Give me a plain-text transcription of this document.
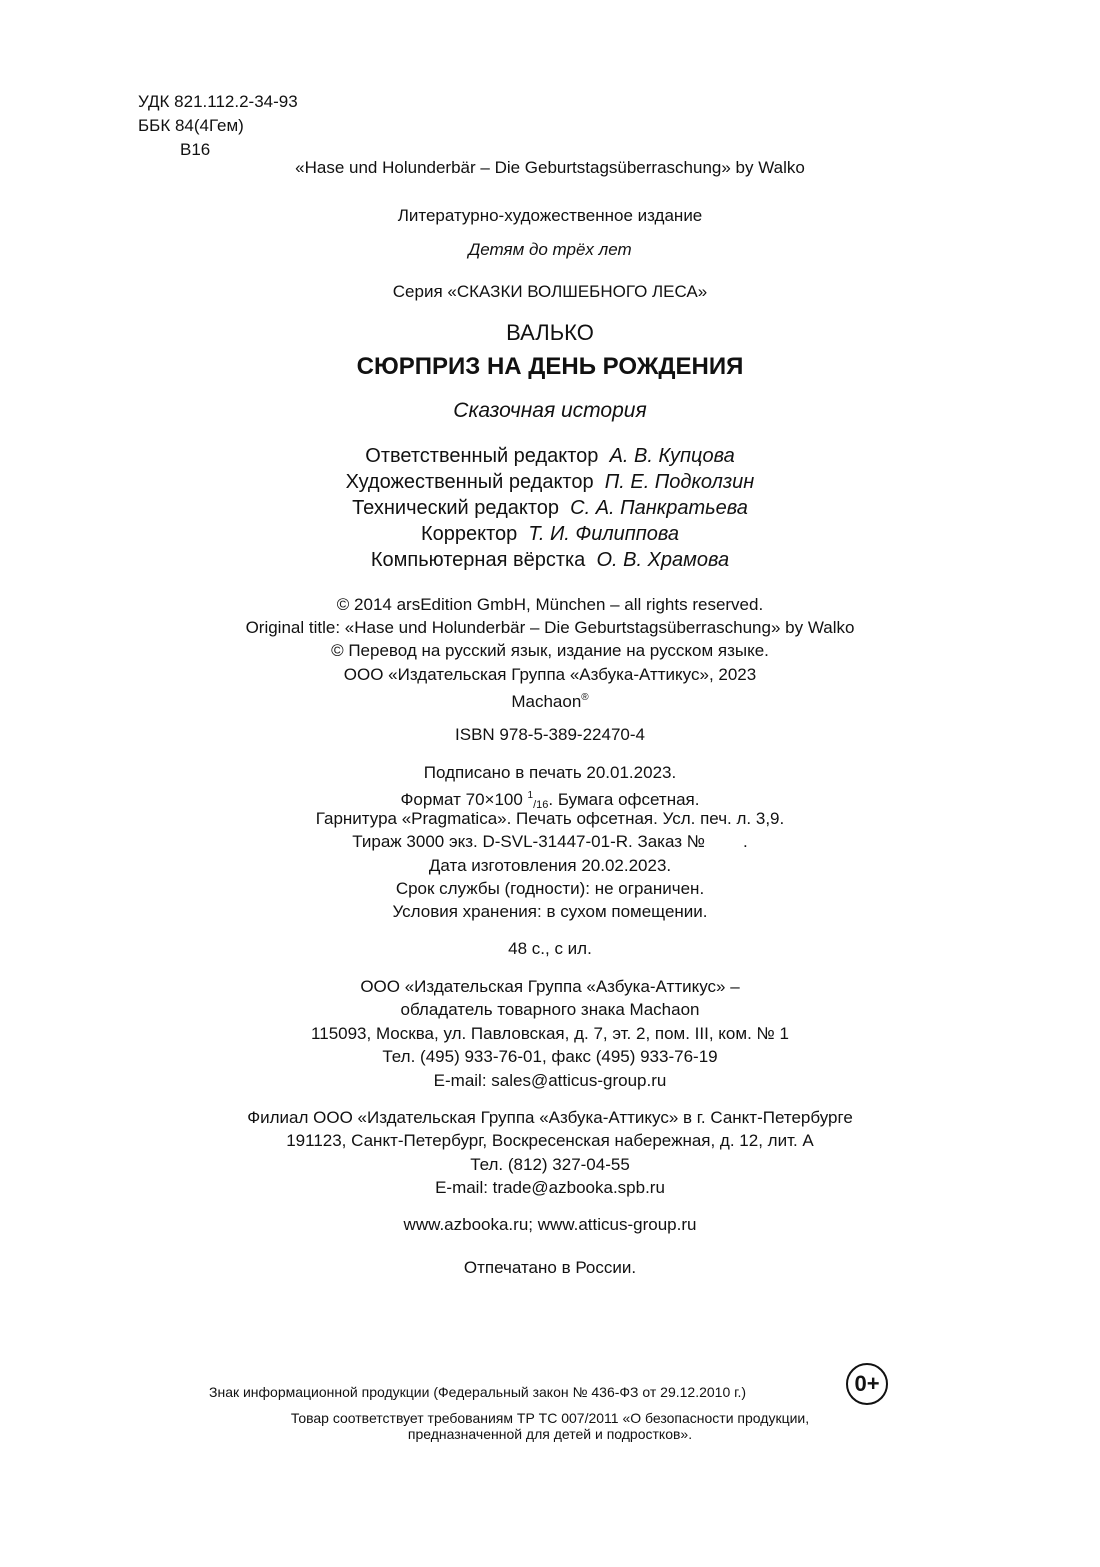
УДК 821.112.2-34-93
ББК 84(4Гем)
В16
«Hase und Holunderbär – Die Geburtstagsüberraschung» by Walko
Литературно-художественное издание
Детям до трёх лет
Серия «СКАЗКИ ВОЛШЕБНОГО ЛЕСА»
ВАЛЬКО
СЮРПРИЗ НА ДЕНЬ РОЖДЕНИЯ
Сказочная история
Ответственный редактор А. В. Купцова
Художественный редактор П. Е. Подколзин
Технический редактор С. А. Панкратьева
Корректор Т. И. Филиппова
Компьютерная вёрстка О. В. Храмова
© 2014 arsEdition GmbH, München – all rights reserved.
Original title: «Hase und Holunderbär – Die Geburtstagsüberraschung» by Walko
© Перевод на русский язык, издание на русском языке.
ООО «Издательская Группа «Азбука-Аттикус», 2023
Machaon®
ISBN 978-5-389-22470-4
Подписано в печать 20.01.2023.
Формат 70×100 $^1_{/16}$. Бумага офсетная.
Гарнитура «Pragmatica». Печать офсетная. Усл. печ. л. 3,9.
Тираж 3000 экз. D-SVL-31447-01-R. Заказ № .
Дата изготовления 20.02.2023.
Срок службы (годности): не ограничен.
Условия хранения: в сухом помещении.
48 с., с ил.
ООО «Издательская Группа «Азбука-Аттикус» –
обладатель товарного знака Machaon
115093, Москва, ул. Павловская, д. 7, эт. 2, пом. III, ком. № 1
Тел. (495) 933-76-01, факс (495) 933-76-19
E-mail: sales@atticus-group.ru
Филиал ООО «Издательская Группа «Азбука-Аттикус» в г. Санкт-Петербурге
191123, Санкт-Петербург, Воскресенская набережная, д. 12, лит. А
Тел. (812) 327-04-55
E-mail: trade@azbooka.spb.ru
www.azbooka.ru; www.atticus-group.ru
Отпечатано в России.
Знак информационной продукции (Федеральный закон № 436-ФЗ от 29.12.2010 г.)	0+
Товар соответствует требованиям ТР ТС 007/2011 «О безопасности продукции,
предназначенной для детей и подростков».
